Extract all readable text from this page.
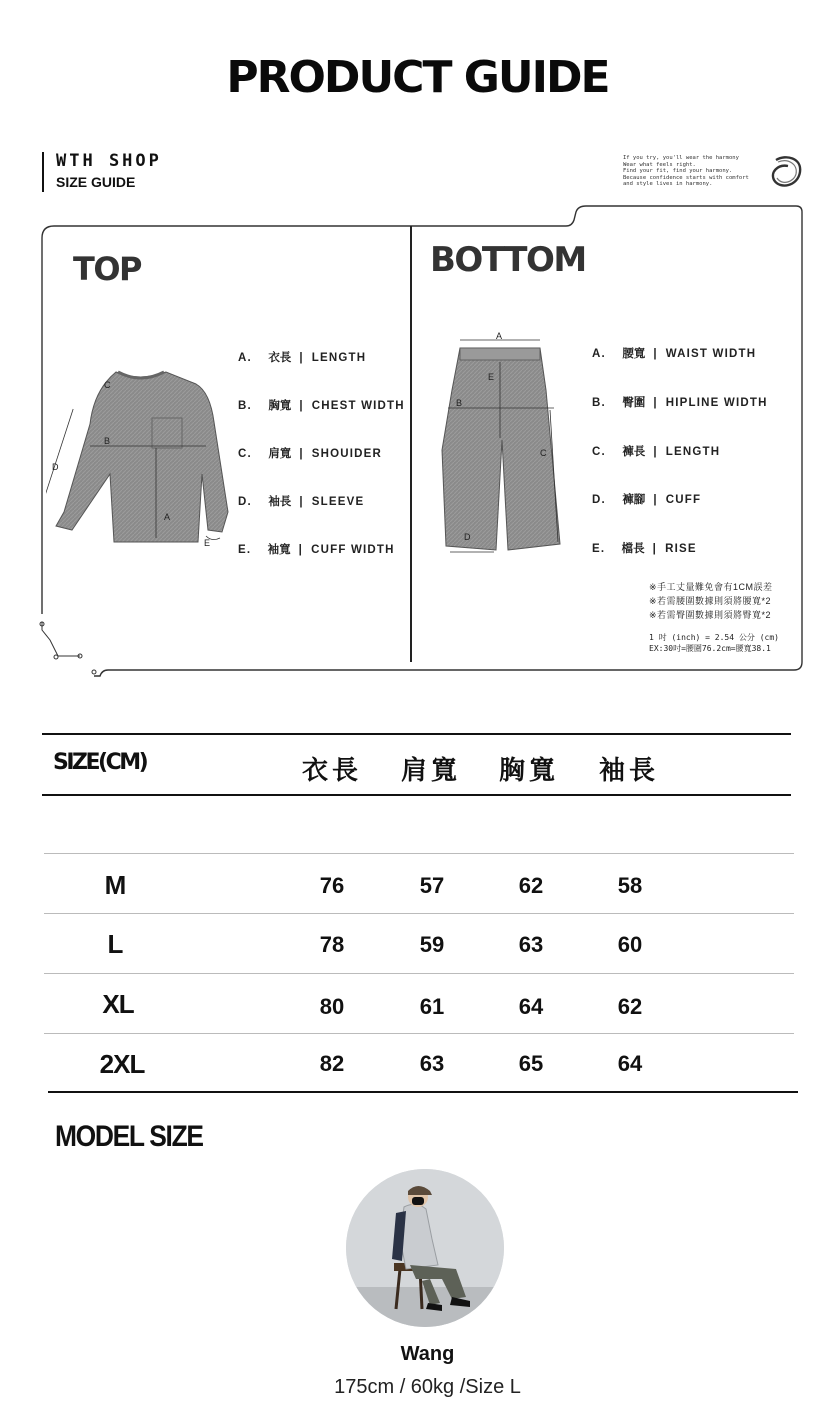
PRODUCT GUIDE
WTH SHOP
SIZE GUIDE
If you try, you'll wear the harmony
Wear what feels right.
Find your fit, find your harmony.
Because confidence starts with comfort
and style lives in harmony.
TOP
C
B
A
D
E
A. 衣長 | LENGTH
B. 胸寬 | CHEST WIDTH
C. 肩寬 | SHOUIDER
D. 袖長 | SLEEVE
E. 袖寬 | CUFF WIDTH
BOTTOM
A
B
C
D
E
A. 腰寬 | WAIST WIDTH
B. 臀圍 | HIPLINE WIDTH
C. 褲長 | LENGTH
D. 褲腳 | CUFF
E. 檔長 | RISE
※手工丈量難免會有1CM誤差
※若需腰圍數據則須將腰寬*2
※若需臀圍數據則須將臀寬*2
1 吋 (inch) = 2.54 公分 (cm)
EX:30吋=腰圍76.2cm=腰寬38.1
SIZE(CM)	衣長 肩寬 胸寬 袖長
M	76	57	62	58
L	78	59	63	60
XL	80	61	64	62
2XL	82	63	65	64
MODEL SIZE
Wang
175cm / 60kg /Size L
